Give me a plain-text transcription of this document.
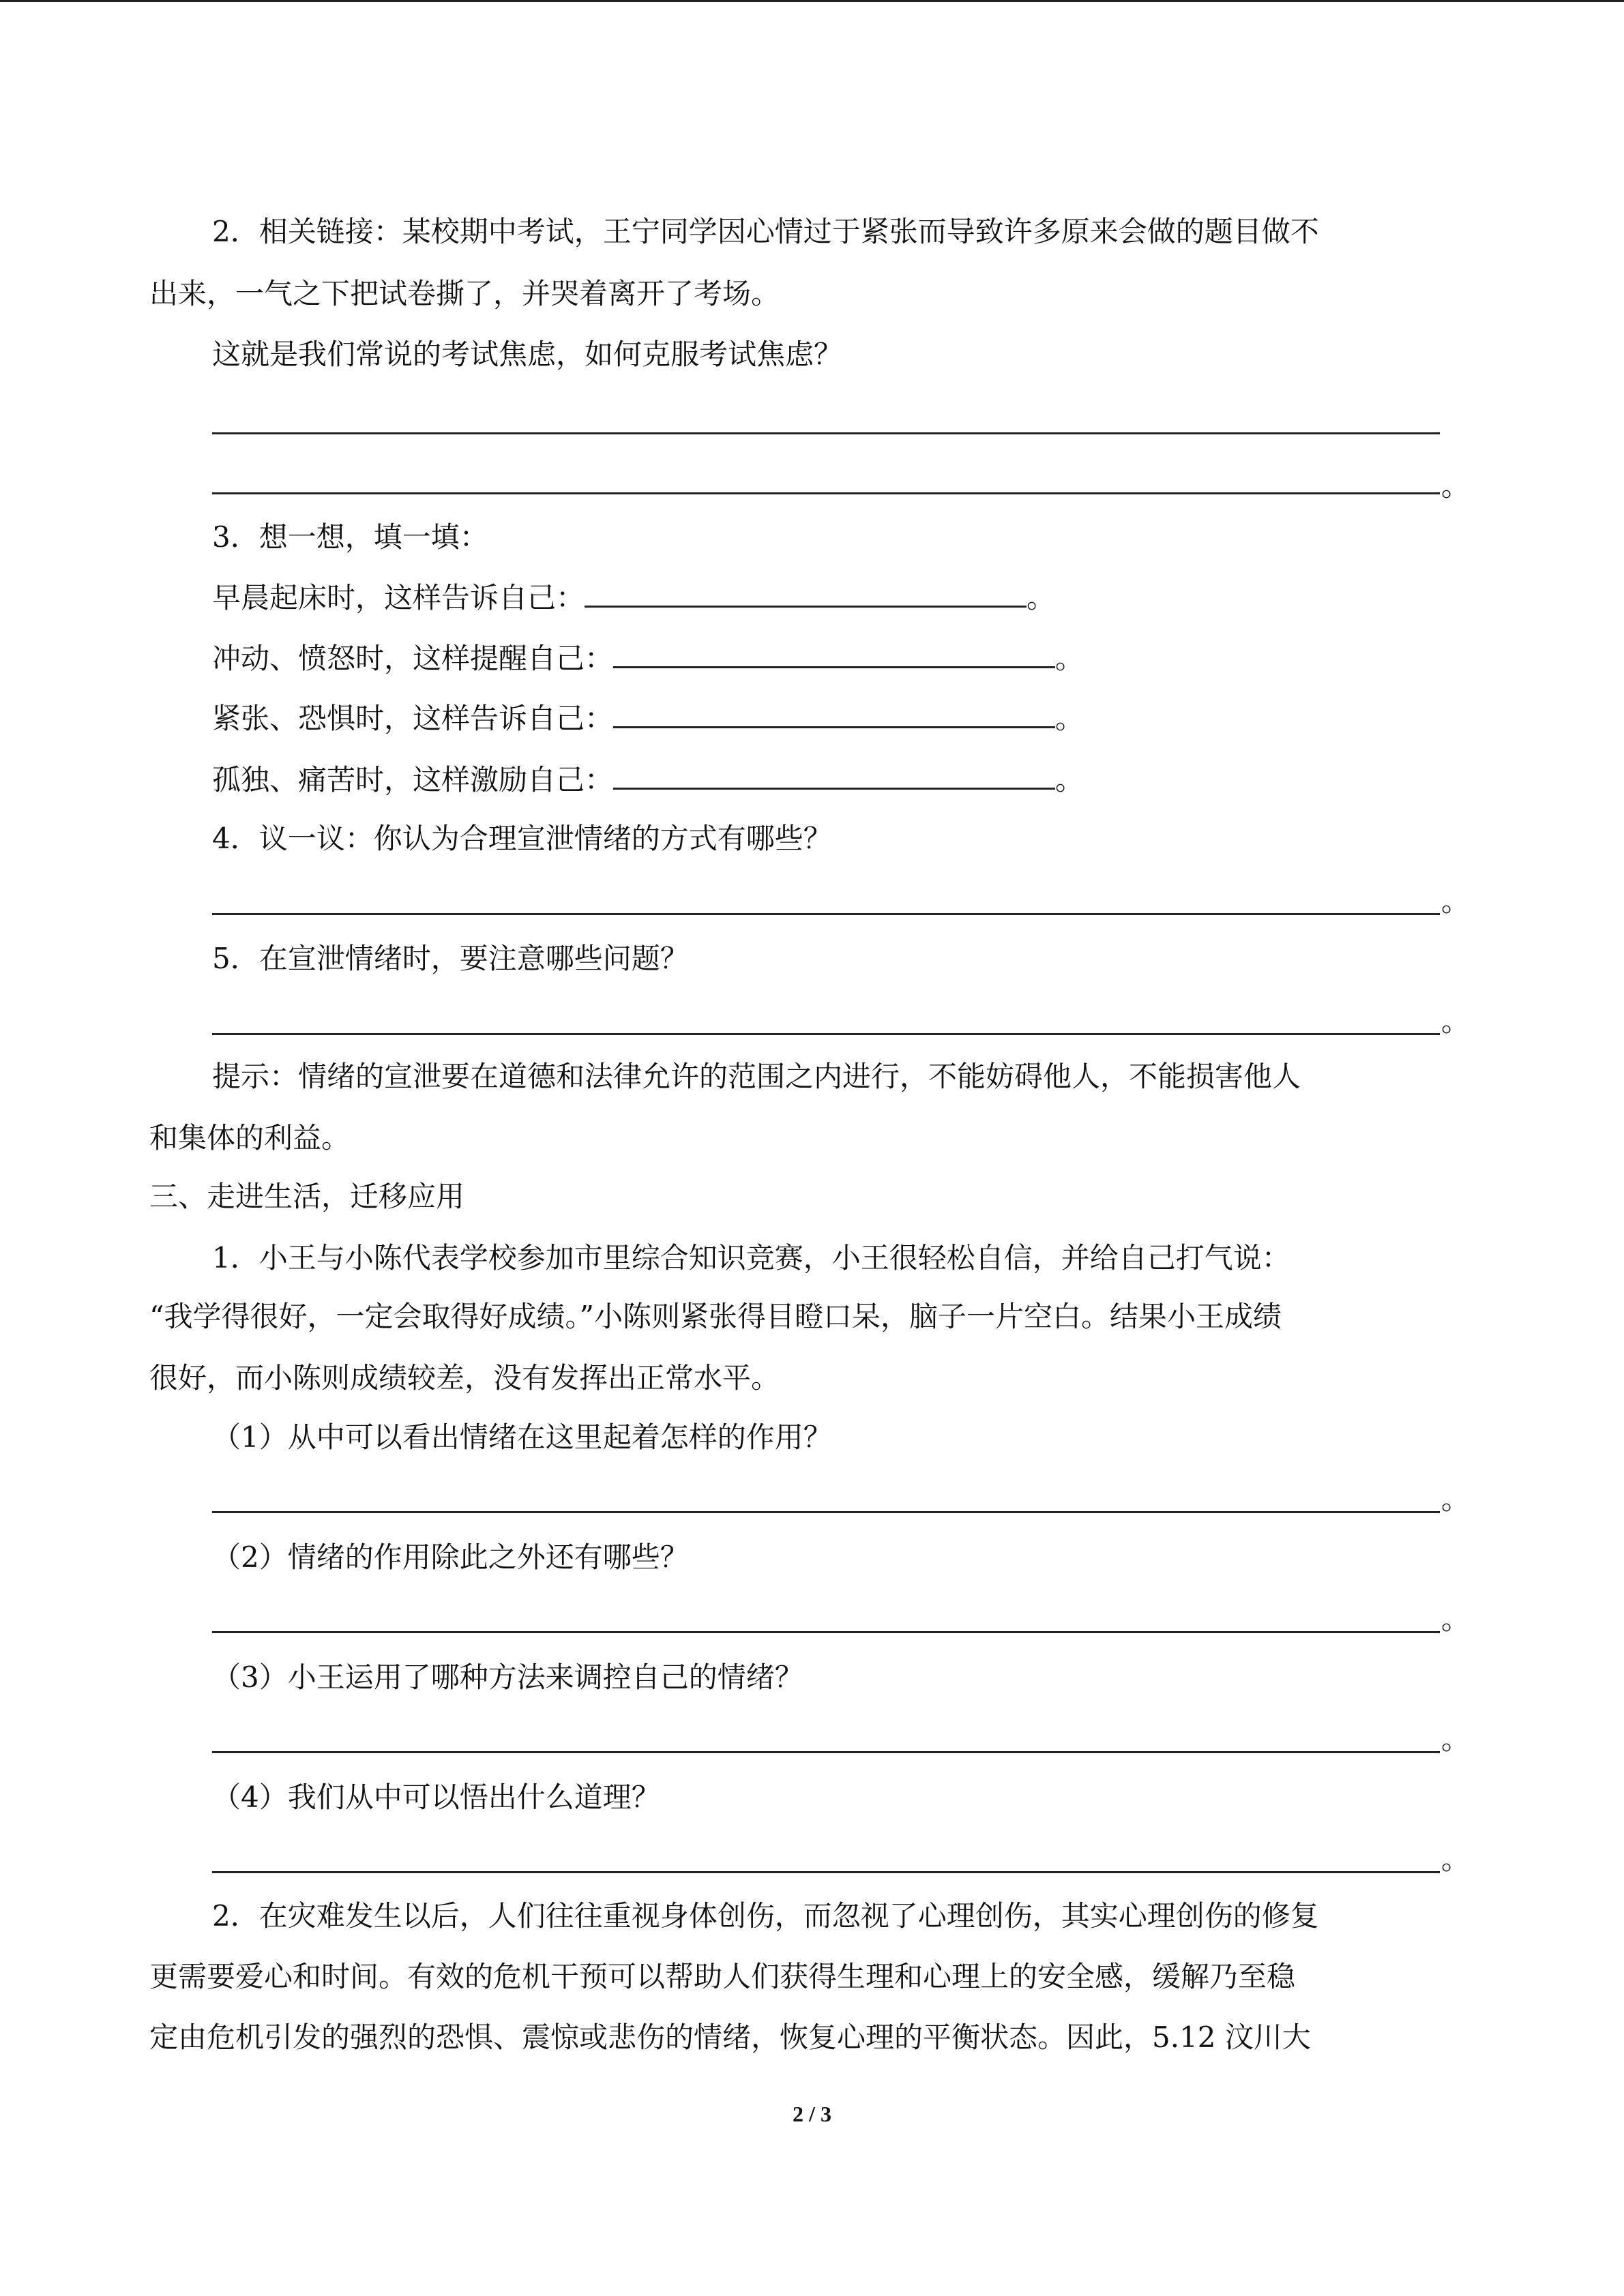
2．相关链接：某校期中考试，王宁同学因心情过于紧张而导致许多原来会做的题目做不
出来，一气之下把试卷撕了，并哭着离开了考场。
这就是我们常说的考试焦虑，如何克服考试焦虑？
。
3．想一想，填一填：
早晨起床时，这样告诉自己：	。
冲动、愤怒时，这样提醒自己：	。
紧张、恐惧时，这样告诉自己：	。
孤独、痛苦时，这样激励自己：	。
4．议一议：你认为合理宣泄情绪的方式有哪些？
。
5．在宣泄情绪时，要注意哪些问题？
。
提示：情绪的宣泄要在道德和法律允许的范围之内进行，不能妨碍他人，不能损害他人
和集体的利益。
三、走进生活，迁移应用
1．小王与小陈代表学校参加市里综合知识竞赛，小王很轻松自信，并给自己打气说：
“我学得很好，一定会取得好成绩。”小陈则紧张得目瞪口呆，脑子一片空白。结果小王成绩
很好，而小陈则成绩较差，没有发挥出正常水平。
（1）从中可以看出情绪在这里起着怎样的作用？
。
（2）情绪的作用除此之外还有哪些？
。
（3）小王运用了哪种方法来调控自己的情绪？
。
（4）我们从中可以悟出什么道理？
。
2．在灾难发生以后，人们往往重视身体创伤，而忽视了心理创伤，其实心理创伤的修复
更需要爱心和时间。有效的危机干预可以帮助人们获得生理和心理上的安全感，缓解乃至稳
定由危机引发的强烈的恐惧、震惊或悲伤的情绪，恢复心理的平衡状态。因此，5.12 汶川大
2 / 3
